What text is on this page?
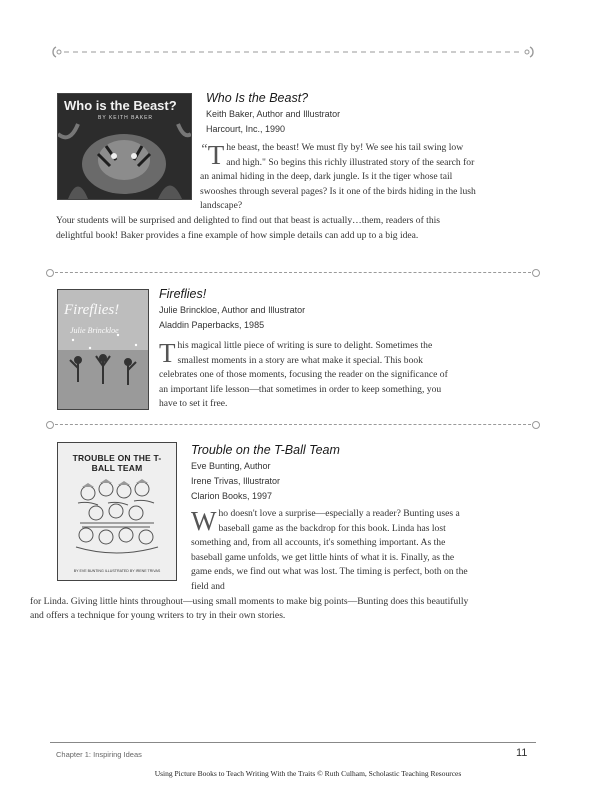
Who is the Beast?
BY KEITH BAKER
Who Is the Beast?
Keith Baker, Author and Illustrator
Harcourt, Inc., 1990

“ T he beast, the beast! We must fly by! We see his tail swing low and high." So begins this richly illustrated story of the search for an animal hiding in the deep, dark jungle. Is it the tiger whose tail swooshes through several pages? Is it one of the birds hiding in the lush landscape?

Your students will be surprised and delighted to find out that beast is actually…them, readers of this delightful book! Baker provides a fine example of how simple details can add up to a big idea.

Fireflies!
Julie Brinckloe
Fireflies!
Julie Brinckloe, Author and Illustrator
Aladdin Paperbacks, 1985

T his magical little piece of writing is sure to delight. Sometimes the smallest moments in a story are what make it special. This book celebrates one of those moments, focusing the reader on the significance of an important life lesson—that sometimes in order to keep something, you have to set it free.

TROUBLE ON THE T-BALL TEAM
BY EVE BUNTING ILLUSTRATED BY IRENE TRIVAS
Trouble on the T-Ball Team
Eve Bunting, Author
Irene Trivas, Illustrator
Clarion Books, 1997

W ho doesn't love a surprise—especially a reader? Bunting uses a baseball game as the backdrop for this book. Linda has lost something and, from all accounts, it's something important. As the baseball game unfolds, we get little hints of what it is. Finally, as the game ends, we find out what was lost. The timing is perfect, both on the field and

for Linda. Giving little hints throughout—using small moments to make big points—Bunting does this beautifully and offers a technique for young writers to try in their own stories.

Chapter 1: Inspiring Ideas	11
Using Picture Books to Teach Writing With the Traits © Ruth Culham, Scholastic Teaching Resources
